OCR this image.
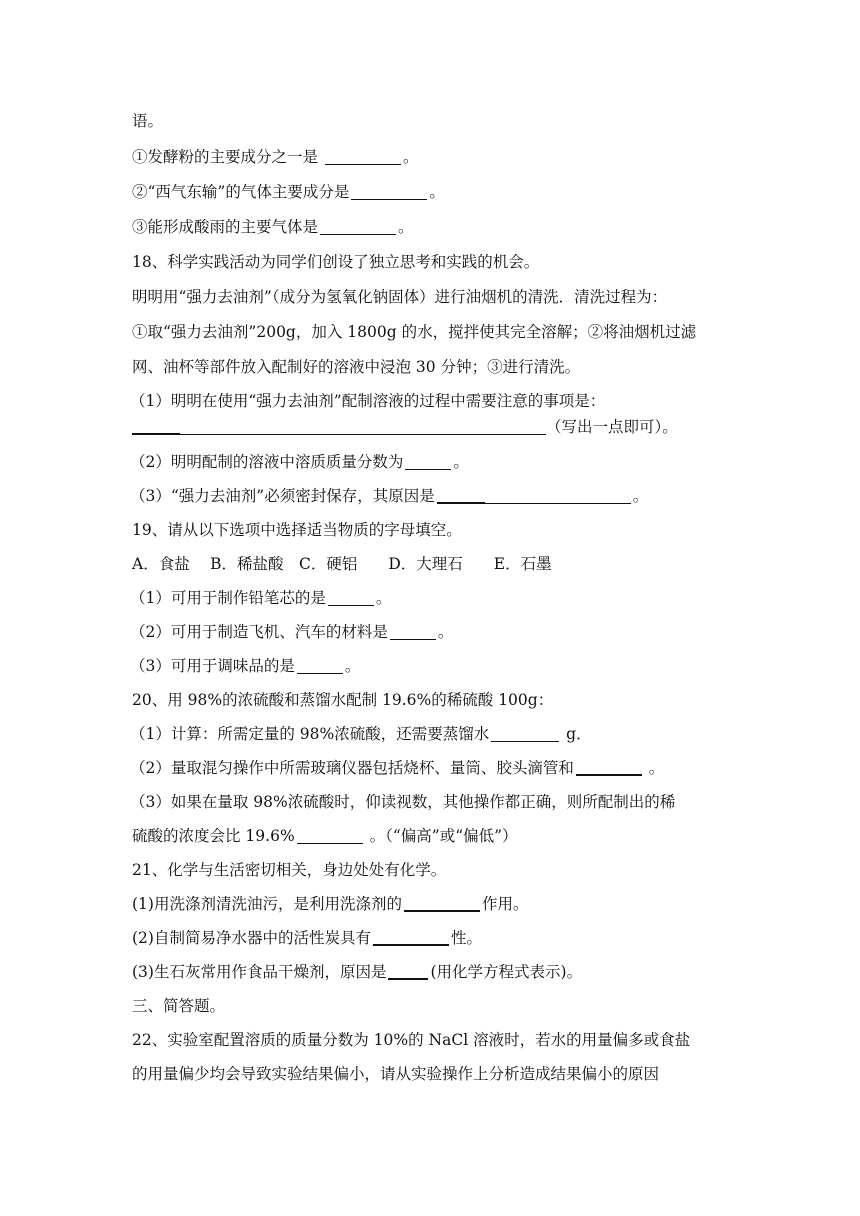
语。
①发酵粉的主要成分之一是	。
②“西气东输”的气体主要成分是	。
③能形成酸雨的主要气体是	。
18、科学实践活动为同学们创设了独立思考和实践的机会。
明明用“强力去油剂”（成分为氢氧化钠固体）进行油烟机的清洗．清洗过程为：
①取“强力去油剂”200g，加入 1800g 的水，搅拌使其完全溶解；②将油烟机过滤
网、油杯等部件放入配制好的溶液中浸泡 30 分钟；③进行清洗。
（1）明明在使用“强力去油剂”配制溶液的过程中需要注意的事项是：
（写出一点即可）。
（2）明明配制的溶液中溶质质量分数为	。
（3）“强力去油剂”必须密封保存，其原因是	。
19、请从以下选项中选择适当物质的字母填空。
A．食盐　 B．稀盐酸　C．硬铝　　D．大理石　　E．石墨
（1）可用于制作铅笔芯的是	。
（2）可用于制造飞机、汽车的材料是	。
（3）可用于调味品的是	。
20、用 98%的浓硫酸和蒸馏水配制 19.6%的稀硫酸 100g：
（1）计算：所需定量的 98%浓硫酸，还需要蒸馏水	g．
（2）量取混匀操作中所需玻璃仪器包括烧杯、量筒、胶头滴管和	。
（3）如果在量取 98%浓硫酸时，仰读视数，其他操作都正确，则所配制出的稀
硫酸的浓度会比 19.6%	。（“偏高”或“偏低”）
21、化学与生活密切相关，身边处处有化学。
(1)用洗涤剂清洗油污，是利用洗涤剂的	作用。
(2)自制简易净水器中的活性炭具有	性。
(3)生石灰常用作食品干燥剂，原因是	(用化学方程式表示)。
三、简答题。
22、实验室配置溶质的质量分数为 10%的 NaCl 溶液时，若水的用量偏多或食盐
的用量偏少均会导致实验结果偏小，请从实验操作上分析造成结果偏小的原因
